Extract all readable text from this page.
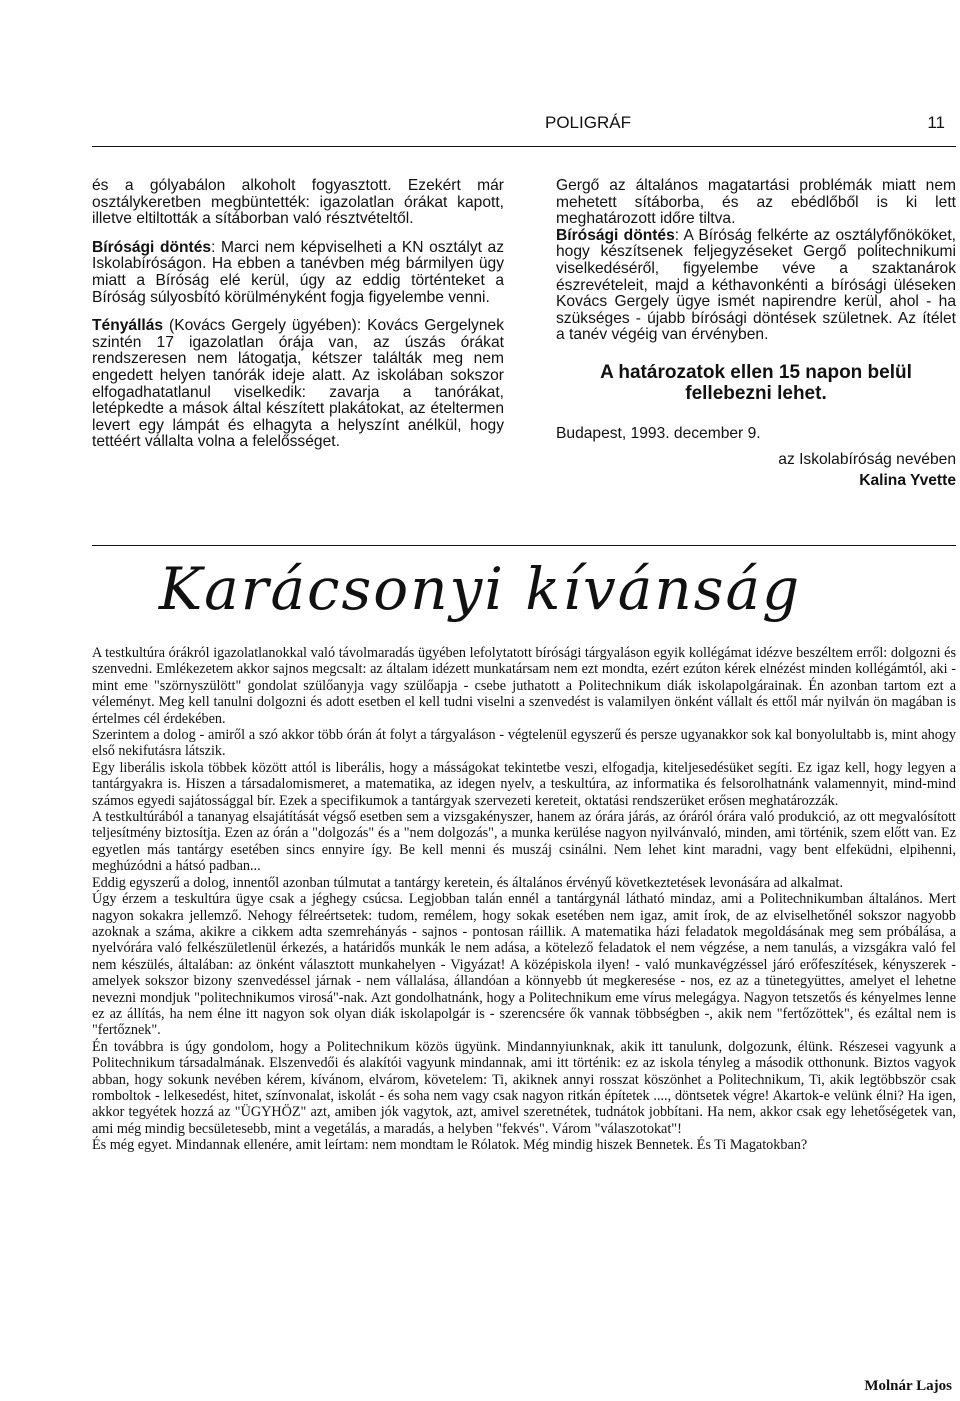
POLIGRÁF	11

és a gólyabálon alkoholt fogyasztott. Ezekért már osztálykeretben megbüntették: igazolatlan órákat kapott, illetve eltiltották a sítáborban való résztvételtől.

Bírósági döntés: Marci nem képviselheti a KN osztályt az Iskolabíróságon. Ha ebben a tanévben még bármilyen ügy miatt a Bíróság elé kerül, úgy az eddig történteket a Bíróság súlyosbító körülményként fogja figyelembe venni.

Tényállás (Kovács Gergely ügyében): Kovács Gergelynek szintén 17 igazolatlan órája van, az úszás órákat rendszeresen nem látogatja, kétszer találták meg nem engedett helyen tanórák ideje alatt. Az iskolában sokszor elfogadhatatlanul viselkedik: zavarja a tanórákat, letépkedte a mások által készített plakátokat, az ételtermen levert egy lámpát és elhagyta a helyszínt anélkül, hogy tettéért vállalta volna a felelősséget.

Gergő az általános magatartási problémák miatt nem mehetett sítáborba, és az ebédlőből is ki lett meghatározott időre tiltva.

Bírósági döntés: A Bíróság felkérte az osztályfőnököket, hogy készítsenek feljegyzéseket Gergő politechnikumi viselkedéséről, figyelembe véve a szaktanárok észrevételeit, majd a kéthavonkénti a bírósági üléseken Kovács Gergely ügye ismét napirendre kerül, ahol - ha szükséges - újabb bírósági döntések születnek. Az ítélet a tanév végéig van érvényben.

A határozatok ellen 15 napon belül fellebezni lehet.
Budapest, 1993. december 9.
az Iskolabíróság nevében
Kalina Yvette
Karácsonyi kívánság

A testkultúra órákról igazolatlanokkal való távolmaradás ügyében lefolytatott bírósági tárgyaláson egyik kollégámat idézve beszéltem erről: dolgozni és szenvedni. Emlékezetem akkor sajnos megcsalt: az általam idézett munkatársam nem ezt mondta, ezért ezúton kérek elnézést minden kollégámtól, aki - mint eme "szörnyszülött" gondolat szülőanyja vagy szülőapja - csebe juthatott a Politechnikum diák iskolapolgárainak. Én azonban tartom ezt a véleményt. Meg kell tanulni dolgozni és adott esetben el kell tudni viselni a szenvedést is valamilyen önként vállalt és ettől már nyilván ön magában is értelmes cél érdekében.

Szerintem a dolog - amiről a szó akkor több órán át folyt a tárgyaláson - végtelenül egyszerű és persze ugyanakkor sok kal bonyolultabb is, mint ahogy első nekifutásra látszik.

Egy liberális iskola többek között attól is liberális, hogy a másságokat tekintetbe veszi, elfogadja, kiteljesedésüket segíti. Ez igaz kell, hogy legyen a tantárgyakra is. Hiszen a társadalomismeret, a matematika, az idegen nyelv, a teskultúra, az informatika és felsorolhatnánk valamennyit, mind-mind számos egyedi sajátossággal bír. Ezek a specifikumok a tantárgyak szervezeti kereteit, oktatási rendszerüket erősen meghatározzák.

A testkultúrából a tananyag elsajátítását végső esetben sem a vizsgakényszer, hanem az órára járás, az óráról órára való produkció, az ott megvalósított teljesítmény biztosítja. Ezen az órán a "dolgozás" és a "nem dolgozás", a munka kerülése nagyon nyilvánvaló, minden, ami történik, szem előtt van. Ez egyetlen más tantárgy esetében sincs ennyire így. Be kell menni és muszáj csinálni. Nem lehet kint maradni, vagy bent elfeküdni, elpihenni, meghúzódni a hátsó padban...

Eddig egyszerű a dolog, innentől azonban túlmutat a tantárgy keretein, és általános érvényű következtetések levonására ad alkalmat.

Úgy érzem a teskultúra ügye csak a jéghegy csúcsa. Legjobban talán ennél a tantárgynál látható mindaz, ami a Politechnikumban általános. Mert nagyon sokakra jellemző. Nehogy félreértsetek: tudom, remélem, hogy sokak esetében nem igaz, amit írok, de az elviselhetőnél sokszor nagyobb azoknak a száma, akikre a cikkem adta szemrehányás - sajnos - pontosan ráillik. A matematika házi feladatok megoldásának meg sem próbálása, a nyelvórára való felkészületlenül érkezés, a határidős munkák le nem adása, a kötelező feladatok el nem végzése, a nem tanulás, a vizsgákra való fel nem készülés, általában: az önként választott munkahelyen - Vigyázat! A középiskola ilyen! - való munkavégzéssel járó erőfeszítések, kényszerek - amelyek sokszor bizony szenvedéssel járnak - nem vállalása, állandóan a könnyebb út megkeresése - nos, ez az a tünetegyüttes, amelyet el lehetne nevezni mondjuk "politechnikumos virosá"-nak. Azt gondolhatnánk, hogy a Politechnikum eme vírus melegágya. Nagyon tetszetős és kényelmes lenne ez az állítás, ha nem élne itt nagyon sok olyan diák iskolapolgár is - szerencsére ők vannak többségben -, akik nem "fertőzöttek", és ezáltal nem is "fertőznek".

Én továbbra is úgy gondolom, hogy a Politechnikum közös ügyünk. Mindannyiunknak, akik itt tanulunk, dolgozunk, élünk. Részesei vagyunk a Politechnikum társadalmának. Elszenvedői és alakítói vagyunk mindannak, ami itt történik: ez az iskola tényleg a második otthonunk. Biztos vagyok abban, hogy sokunk nevében kérem, kívánom, elvárom, követelem: Ti, akiknek annyi rosszat köszönhet a Politechnikum, Ti, akik legtöbbször csak romboltok - lelkesedést, hitet, színvonalat, iskolát - és soha nem vagy csak nagyon ritkán építetek ...., döntsetek végre! Akartok-e velünk élni? Ha igen, akkor tegyétek hozzá az "ÜGYHÖZ" azt, amiben jók vagytok, azt, amivel szeretnétek, tudnátok jobbítani. Ha nem, akkor csak egy lehetőségetek van, ami még mindig becsületesebb, mint a vegetálás, a maradás, a helyben "fekvés". Várom "válaszotokat"!

És még egyet. Mindannak ellenére, amit leírtam: nem mondtam le Rólatok. Még mindig hiszek Bennetek. És Ti Magatokban?

Molnár Lajos
